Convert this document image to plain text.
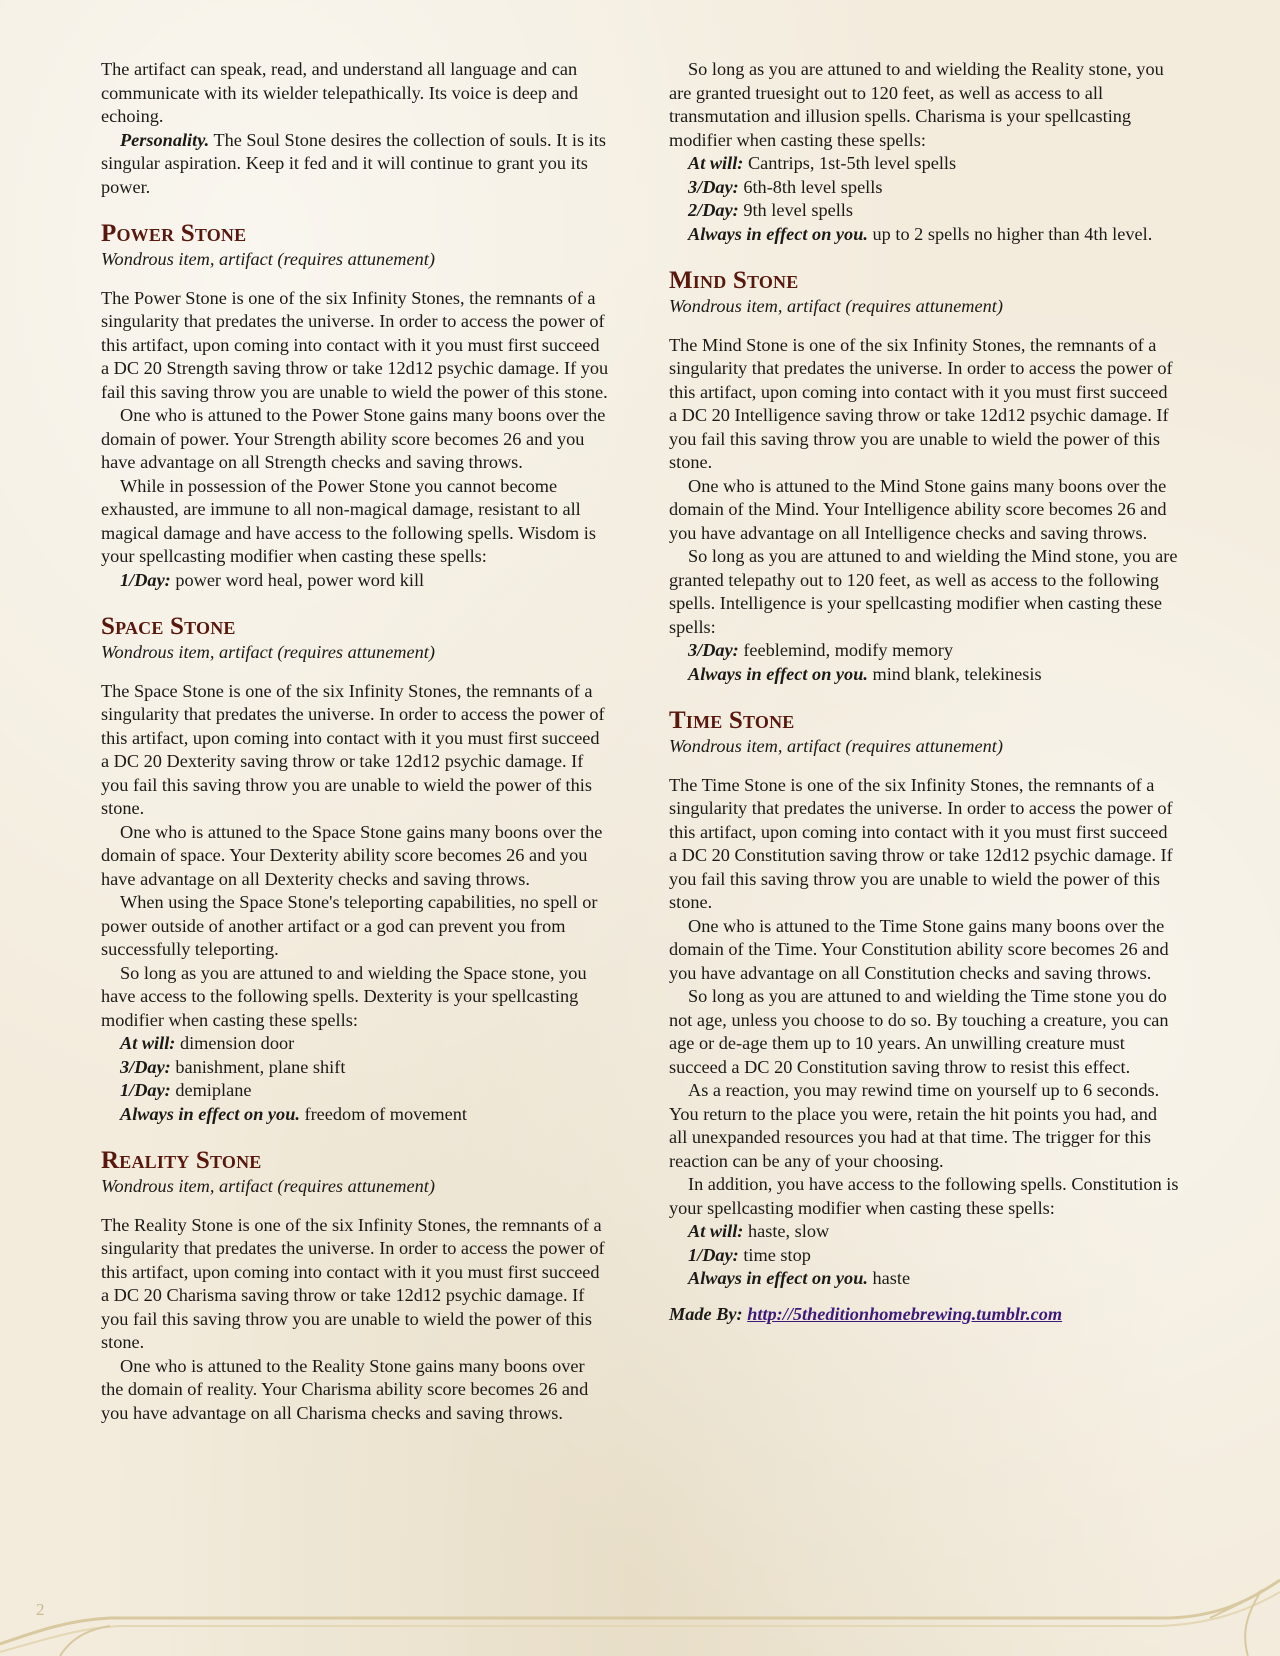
The artifact can speak, read, and understand all language and can communicate with its wielder telepathically. Its voice is deep and echoing.

Personality. The Soul Stone desires the collection of souls. It is its singular aspiration. Keep it fed and it will continue to grant you its power.

Power Stone

Wondrous item, artifact (requires attunement)

The Power Stone is one of the six Infinity Stones, the remnants of a singularity that predates the universe. In order to access the power of this artifact, upon coming into contact with it you must first succeed a DC 20 Strength saving throw or take 12d12 psychic damage. If you fail this saving throw you are unable to wield the power of this stone.

One who is attuned to the Power Stone gains many boons over the domain of power. Your Strength ability score becomes 26 and you have advantage on all Strength checks and saving throws.

While in possession of the Power Stone you cannot become exhausted, are immune to all non-magical damage, resistant to all magical damage and have access to the following spells. Wisdom is your spellcasting modifier when casting these spells:

1/Day: power word heal, power word kill

Space Stone

Wondrous item, artifact (requires attunement)

The Space Stone is one of the six Infinity Stones, the remnants of a singularity that predates the universe. In order to access the power of this artifact, upon coming into contact with it you must first succeed a DC 20 Dexterity saving throw or take 12d12 psychic damage. If you fail this saving throw you are unable to wield the power of this stone.

One who is attuned to the Space Stone gains many boons over the domain of space. Your Dexterity ability score becomes 26 and you have advantage on all Dexterity checks and saving throws.

When using the Space Stone's teleporting capabilities, no spell or power outside of another artifact or a god can prevent you from successfully teleporting.

So long as you are attuned to and wielding the Space stone, you have access to the following spells. Dexterity is your spellcasting modifier when casting these spells:

At will: dimension door

3/Day: banishment, plane shift

1/Day: demiplane

Always in effect on you. freedom of movement

Reality Stone

Wondrous item, artifact (requires attunement)

The Reality Stone is one of the six Infinity Stones, the remnants of a singularity that predates the universe. In order to access the power of this artifact, upon coming into contact with it you must first succeed a DC 20 Charisma saving throw or take 12d12 psychic damage. If you fail this saving throw you are unable to wield the power of this stone.

One who is attuned to the Reality Stone gains many boons over the domain of reality. Your Charisma ability score becomes 26 and you have advantage on all Charisma checks and saving throws.

So long as you are attuned to and wielding the Reality stone, you are granted truesight out to 120 feet, as well as access to all transmutation and illusion spells. Charisma is your spellcasting modifier when casting these spells:

At will: Cantrips, 1st-5th level spells

3/Day: 6th-8th level spells

2/Day: 9th level spells

Always in effect on you. up to 2 spells no higher than 4th level.

Mind Stone

Wondrous item, artifact (requires attunement)

The Mind Stone is one of the six Infinity Stones, the remnants of a singularity that predates the universe. In order to access the power of this artifact, upon coming into contact with it you must first succeed a DC 20 Intelligence saving throw or take 12d12 psychic damage. If you fail this saving throw you are unable to wield the power of this stone.

One who is attuned to the Mind Stone gains many boons over the domain of the Mind. Your Intelligence ability score becomes 26 and you have advantage on all Intelligence checks and saving throws.

So long as you are attuned to and wielding the Mind stone, you are granted telepathy out to 120 feet, as well as access to the following spells. Intelligence is your spellcasting modifier when casting these spells:

3/Day: feeblemind, modify memory

Always in effect on you. mind blank, telekinesis

Time Stone

Wondrous item, artifact (requires attunement)

The Time Stone is one of the six Infinity Stones, the remnants of a singularity that predates the universe. In order to access the power of this artifact, upon coming into contact with it you must first succeed a DC 20 Constitution saving throw or take 12d12 psychic damage. If you fail this saving throw you are unable to wield the power of this stone.

One who is attuned to the Time Stone gains many boons over the domain of the Time. Your Constitution ability score becomes 26 and you have advantage on all Constitution checks and saving throws.

So long as you are attuned to and wielding the Time stone you do not age, unless you choose to do so. By touching a creature, you can age or de-age them up to 10 years. An unwilling creature must succeed a DC 20 Constitution saving throw to resist this effect.

As a reaction, you may rewind time on yourself up to 6 seconds. You return to the place you were, retain the hit points you had, and all unexpanded resources you had at that time. The trigger for this reaction can be any of your choosing.

In addition, you have access to the following spells. Constitution is your spellcasting modifier when casting these spells:

At will: haste, slow

1/Day: time stop

Always in effect on you. haste

Made By: http://5theditionhomebrewing.tumblr.com

2
